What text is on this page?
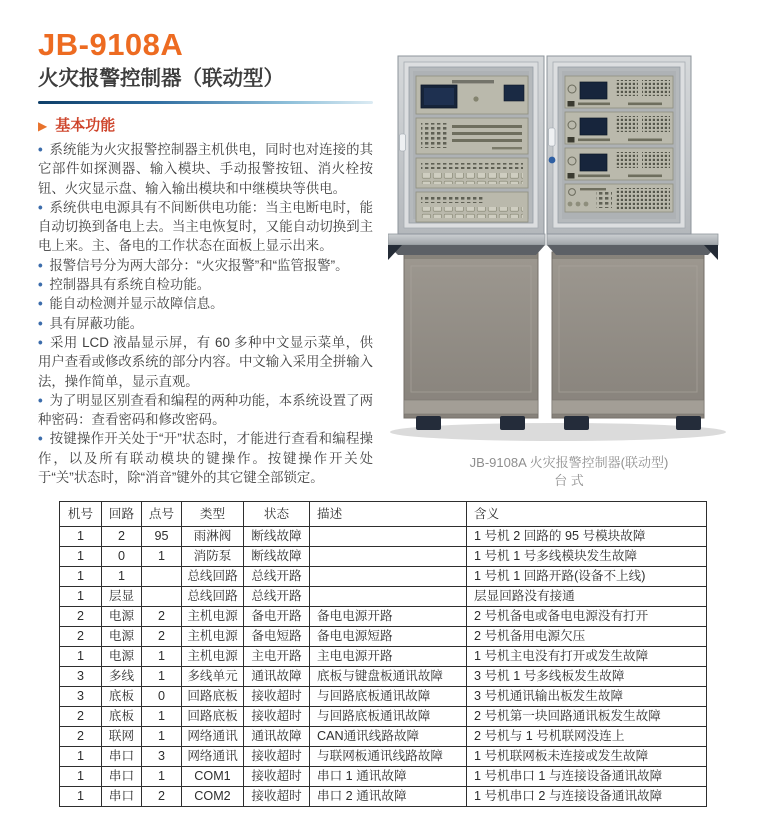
JB-9108A
火灾报警控制器（联动型）
▶ 基本功能

• 系统能为火灾报警控制器主机供电，同时也对连接的其它部件如探测器、输入模块、手动报警按钮、消火栓按钮、火灾显示盘、输入输出模块和中继模块等供电。

• 系统供电电源具有不间断供电功能：当主电断电时，能自动切换到备电上去。当主电恢复时，又能自动切换到主电上来。主、备电的工作状态在面板上显示出来。

• 报警信号分为两大部分：“火灾报警”和“监管报警”。

• 控制器具有系统自检功能。

• 能自动检测并显示故障信息。

• 具有屏蔽功能。

• 采用 LCD 液晶显示屏，有 60 多种中文显示菜单，供用户查看或修改系统的部分内容。中文输入采用全拼输入法，操作简单，显示直观。

• 为了明显区别查看和编程的两种功能，本系统设置了两种密码：查看密码和修改密码。

• 按键操作开关处于“开”状态时，才能进行查看和编程操作，以及所有联动模块的键操作。按键操作开关处于“关”状态时，除“消音”键外的其它键全部锁定。

JB-9108A 火灾报警控制器(联动型)
台 式
机号	回路	点号	类型	状态	描述	含义
1	2	95	雨淋阀	断线故障		1 号机 2 回路的 95 号模块故障
1	0	1	消防泵	断线故障		1 号机 1 号多线模块发生故障
1	1		总线回路	总线开路		1 号机 1 回路开路(设备不上线)
1	层显		总线回路	总线开路		层显回路没有接通
2	电源	2	主机电源	备电开路	备电电源开路	2 号机备电或备电电源没有打开
2	电源	2	主机电源	备电短路	备电电源短路	2 号机备用电源欠压
1	电源	1	主机电源	主电开路	主电电源开路	1 号机主电没有打开或发生故障
3	多线	1	多线单元	通讯故障	底板与键盘板通讯故障	3 号机 1 号多线板发生故障
3	底板	0	回路底板	接收超时	与回路底板通讯故障	3 号机通讯输出板发生故障
2	底板	1	回路底板	接收超时	与回路底板通讯故障	2 号机第一块回路通讯板发生故障
2	联网	1	网络通讯	通讯故障	CAN通讯线路故障	2 号机与 1 号机联网没连上
1	串口	3	网络通讯	接收超时	与联网板通讯线路故障	1 号机联网板未连接或发生故障
1	串口	1	COM1	接收超时	串口 1 通讯故障	1 号机串口 1 与连接设备通讯故障
1	串口	2	COM2	接收超时	串口 2 通讯故障	1 号机串口 2 与连接设备通讯故障
